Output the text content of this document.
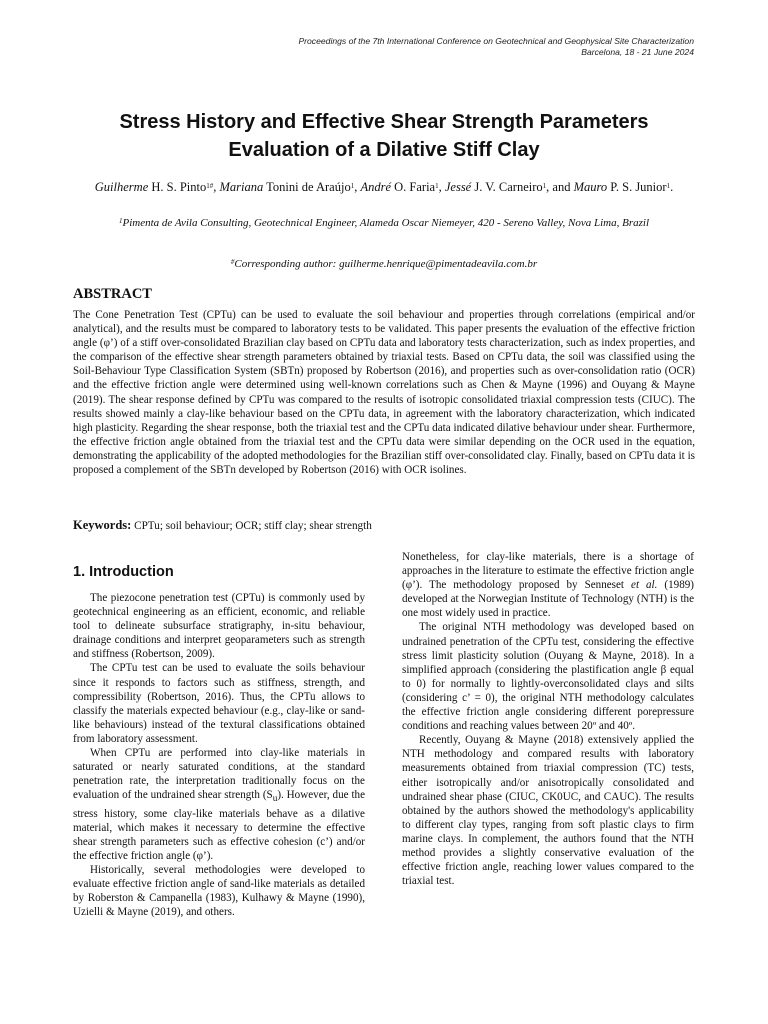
Proceedings of the 7th International Conference on Geotechnical and Geophysical Site Characterization
Barcelona, 18 - 21 June 2024
Stress History and Effective Shear Strength Parameters
Evaluation of a Dilative Stiff Clay
Guilherme H. S. Pinto$^{1\#}$, Mariana Tonini de Araújo$^1$, André O. Faria$^1$, Jessé J. V. Carneiro$^1$, and Mauro P. S. Junior$^1$.
$^1$Pimenta de Avila Consulting, Geotechnical Engineer, Alameda Oscar Niemeyer, 420 - Sereno Valley, Nova Lima, Brazil
#Corresponding author: guilherme.henrique@pimentadeavila.com.br
ABSTRACT

The Cone Penetration Test (CPTu) can be used to evaluate the soil behaviour and properties through correlations (empirical and/or analytical), and the results must be compared to laboratory tests to be validated. This paper presents the evaluation of the effective friction angle (φ’) of a stiff over-consolidated Brazilian clay based on CPTu data and laboratory tests characterization, such as index properties, and the comparison of the effective shear strength parameters obtained by triaxial tests. Based on CPTu data, the soil was classified using the Soil-Behaviour Type Classification System (SBTn) proposed by Robertson (2016), and properties such as over-consolidation ratio (OCR) and the effective friction angle were determined using well-known correlations such as Chen & Mayne (1996) and Ouyang & Mayne (2019). The shear response defined by CPTu was compared to the results of isotropic consolidated triaxial compression tests (CIUC). The results showed mainly a clay-like behaviour based on the CPTu data, in agreement with the laboratory characterization, which indicated high plasticity. Regarding the shear response, both the triaxial test and the CPTu data indicated dilative behaviour under shear. Furthermore, the effective friction angle obtained from the triaxial test and the CPTu data were similar depending on the OCR used in the equation, demonstrating the applicability of the adopted methodologies for the Brazilian stiff over-consolidated clay. Finally, based on CPTu data it is proposed a complement of the SBTn developed by Robertson (2016) with OCR isolines.

Keywords: CPTu; soil behaviour; OCR; stiff clay; shear strength
1. Introduction

The piezocone penetration test (CPTu) is commonly used by geotechnical engineering as an efficient, economic, and reliable tool to delineate subsurface stratigraphy, in-situ behaviour, drainage conditions and interpret geoparameters such as strength and stiffness (Robertson, 2009).

The CPTu test can be used to evaluate the soils behaviour since it responds to factors such as stiffness, strength, and compressibility (Robertson, 2016). Thus, the CPTu allows to classify the materials expected behaviour (e.g., clay-like or sand-like behaviours) instead of the textural classifications obtained from laboratory assessment.

When CPTu are performed into clay-like materials in saturated or nearly saturated conditions, at the standard penetration rate, the interpretation traditionally focus on the evaluation of the undrained shear strength $(S_u)$. However, due the stress history, some clay-like materials behave as a dilative material, which makes it necessary to determine the effective shear strength parameters such as effective cohesion (c’) and/or the effective friction angle (φ’).

Historically, several methodologies were developed to evaluate effective friction angle of sand-like materials as detailed by Roberston & Campanella (1983), Kulhawy & Mayne (1990), Uzielli & Mayne (2019), and others.

Nonetheless, for clay-like materials, there is a shortage of approaches in the literature to estimate the effective friction angle (φ’). The methodology proposed by Senneset et al. (1989) developed at the Norwegian Institute of Technology (NTH) is the one most widely used in practice.

The original NTH methodology was developed based on undrained penetration of the CPTu test, considering the effective stress limit plasticity solution (Ouyang & Mayne, 2018). In a simplified approach (considering the plastification angle β equal to 0) for normally to lightly-overconsolidated clays and silts (considering c’ = 0), the original NTH methodology calculates the effective friction angle considering different porepressure conditions and reaching values between 20º and 40º.

Recently, Ouyang & Mayne (2018) extensively applied the NTH methodology and compared results with laboratory measurements obtained from triaxial compression (TC) tests, either isotropically and/or anisotropically consolidated and undrained shear phase (CIUC, CK0UC, and CAUC). The results obtained by the authors showed the methodology's applicability to different clay types, ranging from soft plastic clays to firm marine clays. In complement, the authors found that the NTH method provides a slightly conservative evaluation of the effective friction angle, reaching lower values compared to the triaxial test.
